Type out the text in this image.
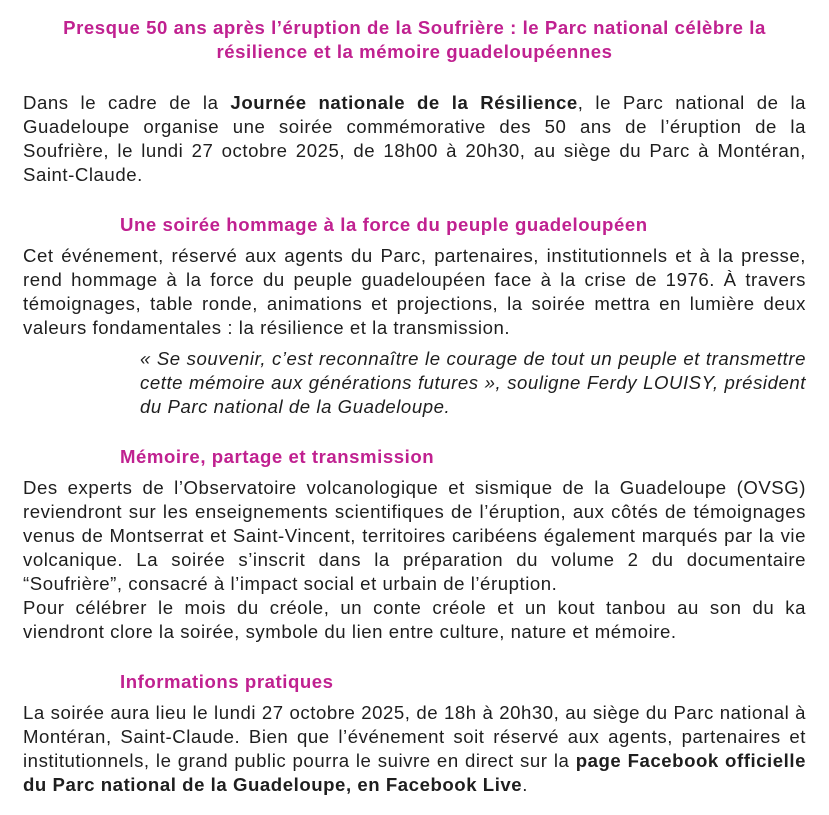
Presque 50 ans après l’éruption de la Soufrière : le Parc national célèbre la résilience et la mémoire guadeloupéennes

Dans le cadre de la Journée nationale de la Résilience, le Parc national de la Guadeloupe organise une soirée commémorative des 50 ans de l’éruption de la Soufrière, le lundi 27 octobre 2025, de 18h00 à 20h30, au siège du Parc à Montéran, Saint-Claude.

Une soirée hommage à la force du peuple guadeloupéen

Cet événement, réservé aux agents du Parc, partenaires, institutionnels et à la presse, rend hommage à la force du peuple guadeloupéen face à la crise de 1976. À travers témoignages, table ronde, animations et projections, la soirée mettra en lumière deux valeurs fondamentales : la résilience et la transmission.

« Se souvenir, c’est reconnaître le courage de tout un peuple et transmettre cette mémoire aux générations futures », souligne Ferdy LOUISY, président du Parc national de la Guadeloupe.

Mémoire, partage et transmission

Des experts de l’Observatoire volcanologique et sismique de la Guadeloupe (OVSG) reviendront sur les enseignements scientifiques de l’éruption, aux côtés de témoignages venus de Montserrat et Saint-Vincent, territoires caribéens également marqués par la vie volcanique. La soirée s’inscrit dans la préparation du volume 2 du documentaire “Soufrière”, consacré à l’impact social et urbain de l’éruption.

Pour célébrer le mois du créole, un conte créole et un kout tanbou au son du ka viendront clore la soirée, symbole du lien entre culture, nature et mémoire.

Informations pratiques

La soirée aura lieu le lundi 27 octobre 2025, de 18h à 20h30, au siège du Parc national à Montéran, Saint-Claude. Bien que l’événement soit réservé aux agents, partenaires et institutionnels, le grand public pourra le suivre en direct sur la page Facebook officielle du Parc national de la Guadeloupe, en Facebook Live.
